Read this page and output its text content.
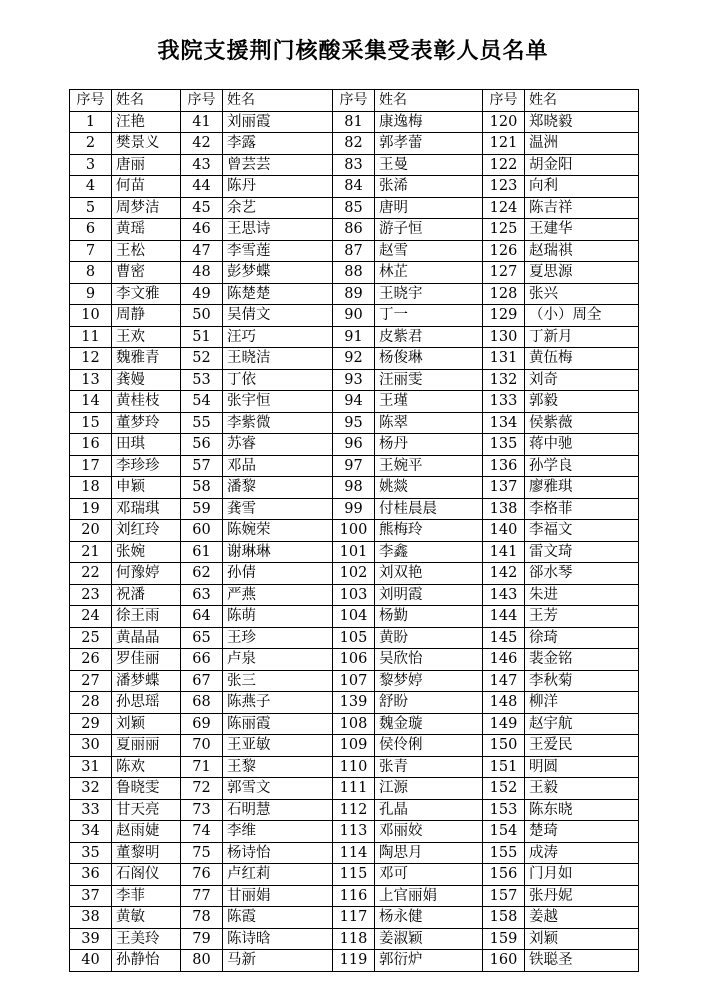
我院支援荆门核酸采集受表彰人员名单
序号	姓名	序号	姓名	序号	姓名	序号	姓名
1	汪艳	41	刘丽霞	81	康逸梅	120	郑晓毅
2	樊景义	42	李露	82	郭孝蕾	121	温洲
3	唐丽	43	曾芸芸	83	王曼	122	胡金阳
4	何苗	44	陈丹	84	张浠	123	向利
5	周梦洁	45	余艺	85	唐明	124	陈吉祥
6	黄瑶	46	王思诗	86	游子恒	125	王建华
7	王松	47	李雪莲	87	赵雪	126	赵瑞祺
8	曹密	48	彭梦蝶	88	林芷	127	夏思源
9	李文雅	49	陈楚楚	89	王晓宇	128	张兴
10	周静	50	吴倩文	90	丁一	129	（小）周全
11	王欢	51	汪巧	91	皮紫君	130	丁新月
12	魏雅青	52	王晓洁	92	杨俊琳	131	黄伍梅
13	龚嫚	53	丁依	93	汪丽雯	132	刘奇
14	黄桂枝	54	张宇恒	94	王瑾	133	郭毅
15	董梦玲	55	李紫微	95	陈翠	134	侯紫薇
16	田琪	56	苏睿	96	杨丹	135	蒋中驰
17	李珍珍	57	邓品	97	王婉平	136	孙学良
18	申颖	58	潘黎	98	姚燚	137	廖雅琪
19	邓瑞琪	59	龚雪	99	付桂晨晨	138	李格菲
20	刘红玲	60	陈婉荣	100	熊梅玲	140	李福文
21	张婉	61	谢琳琳	101	李鑫	141	雷文琦
22	何豫婷	62	孙倩	102	刘双艳	142	郤水琴
23	祝潘	63	严燕	103	刘明霞	143	朱进
24	徐王雨	64	陈萌	104	杨勤	144	王芳
25	黄晶晶	65	王珍	105	黄盼	145	徐琦
26	罗佳丽	66	卢泉	106	吴欣怡	146	裴金铭
27	潘梦蝶	67	张三	107	黎梦婷	147	李秋菊
28	孙思瑶	68	陈燕子	139	舒盼	148	柳洋
29	刘颖	69	陈丽霞	108	魏金璇	149	赵宇航
30	夏丽丽	70	王亚敏	109	侯伶俐	150	王爱民
31	陈欢	71	王黎	110	张青	151	明圆
32	鲁晓雯	72	郭雪文	111	江源	152	王毅
33	甘天亮	73	石明慧	112	孔晶	153	陈东晓
34	赵雨婕	74	李维	113	邓丽姣	154	楚琦
35	董黎明	75	杨诗怡	114	陶思月	155	成涛
36	石阁仪	76	卢红莉	115	邓可	156	门月如
37	李菲	77	甘丽娟	116	上官丽娟	157	张丹妮
38	黄敏	78	陈霞	117	杨永健	158	姜越
39	王美玲	79	陈诗晗	118	姜淑颖	159	刘颖
40	孙静怡	80	马新	119	郭衍炉	160	铁聪圣
